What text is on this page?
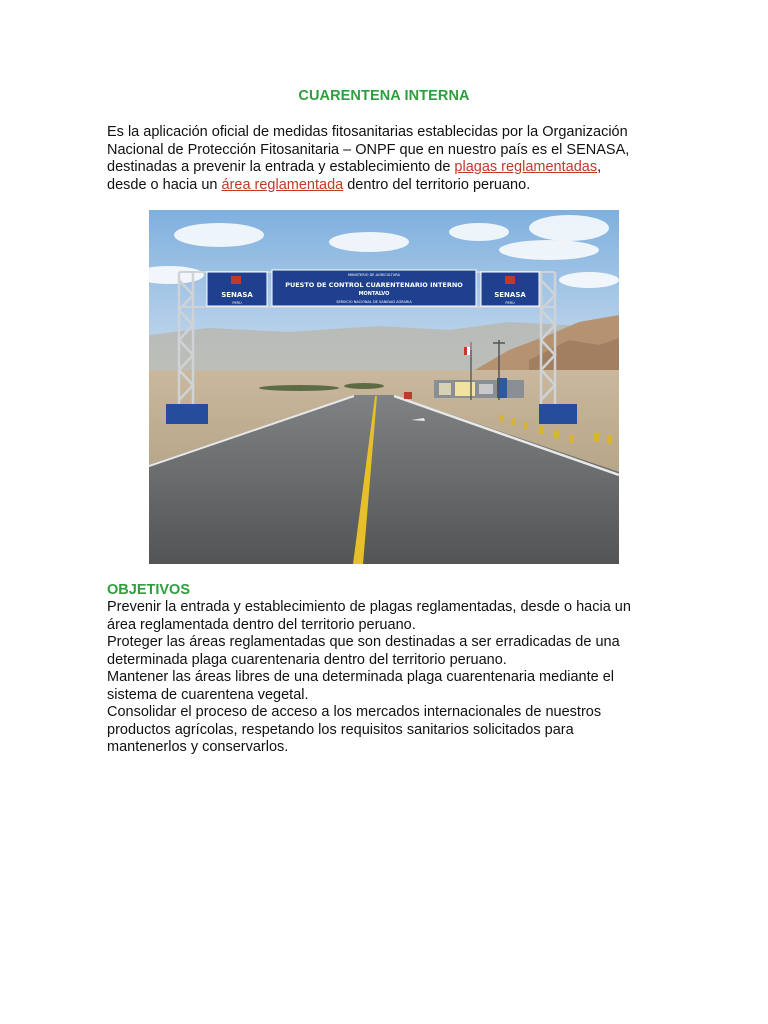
CUARENTENA INTERNA
Es la aplicación oficial de medidas fitosanitarias establecidas por la Organización
Nacional de Protección Fitosanitaria – ONPF que en nuestro país es el SENASA,
destinadas a prevenir la entrada y establecimiento de plagas reglamentadas,
desde o hacia un área reglamentada dentro del territorio peruano.
SENASA
PERÚ
MINISTERIO DE AGRICULTURA
PUESTO DE CONTROL CUARENTENARIO INTERNO
MONTALVO
SERVICIO NACIONAL DE SANIDAD AGRARIA
SENASA
PERÚ
OBJETIVOS
Prevenir la entrada y establecimiento de plagas reglamentadas, desde o hacia un
área reglamentada dentro del territorio peruano.
Proteger las áreas reglamentadas que son destinadas a ser erradicadas de una
determinada plaga cuarentenaria dentro del territorio peruano.
Mantener las áreas libres de una determinada plaga cuarentenaria mediante el
sistema de cuarentena vegetal.
Consolidar el proceso de acceso a los mercados internacionales de nuestros
productos agrícolas, respetando los requisitos sanitarios solicitados para
mantenerlos y conservarlos.
